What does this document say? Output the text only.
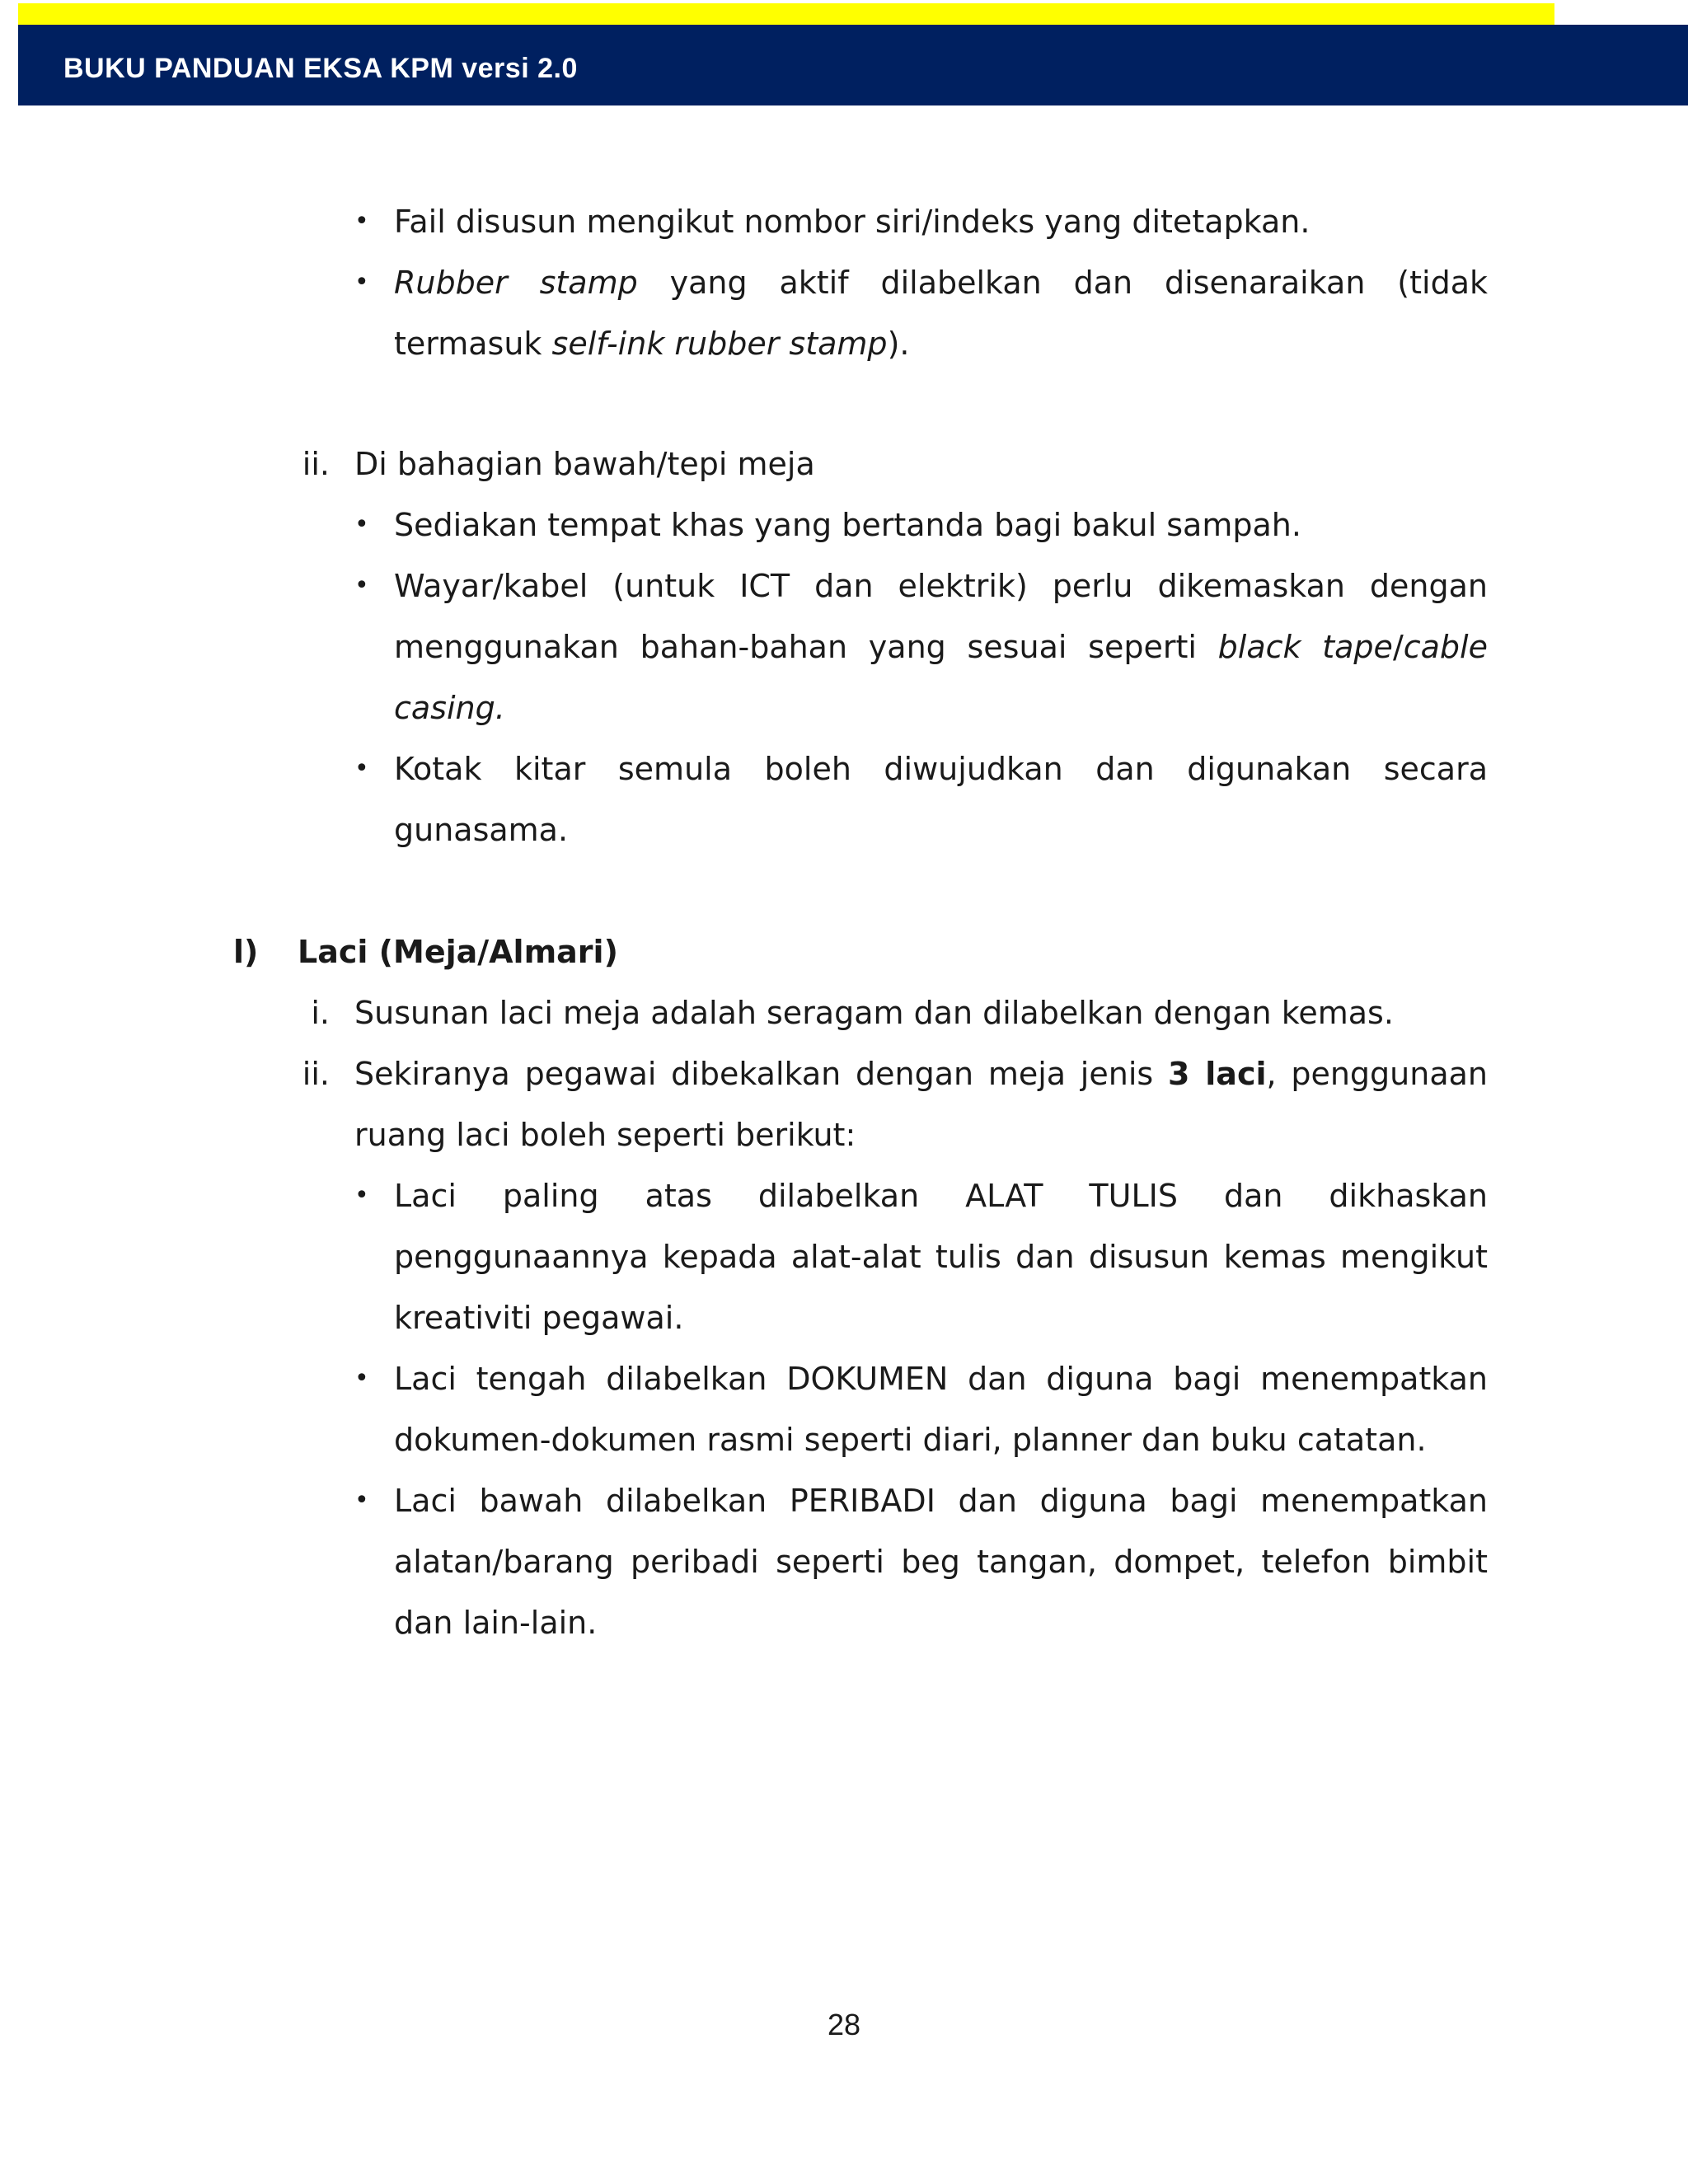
BUKU PANDUAN EKSA KPM versi 2.0
• Fail disusun mengikut nombor siri/indeks yang ditetapkan.
• Rubber stamp yang aktif dilabelkan dan disenaraikan (tidak termasuk self-ink rubber stamp).
ii. Di bahagian bawah/tepi meja
• Sediakan tempat khas yang bertanda bagi bakul sampah.
• Wayar/kabel (untuk ICT dan elektrik) perlu dikemaskan dengan menggunakan bahan-bahan yang sesuai seperti black tape/cable casing.
• Kotak kitar semula boleh diwujudkan dan digunakan secara gunasama.
l) Laci (Meja/Almari)
i. Susunan laci meja adalah seragam dan dilabelkan dengan kemas.
ii. Sekiranya pegawai dibekalkan dengan meja jenis 3 laci, penggunaan ruang laci boleh seperti berikut:
• Laci paling atas dilabelkan ALAT TULIS dan dikhaskan penggunaannya kepada alat-alat tulis dan disusun kemas mengikut kreativiti pegawai.
• Laci tengah dilabelkan DOKUMEN dan diguna bagi menempatkan dokumen-dokumen rasmi seperti diari, planner dan buku catatan.
• Laci bawah dilabelkan PERIBADI dan diguna bagi menempatkan alatan/barang peribadi seperti beg tangan, dompet, telefon bimbit dan lain-lain.
28
